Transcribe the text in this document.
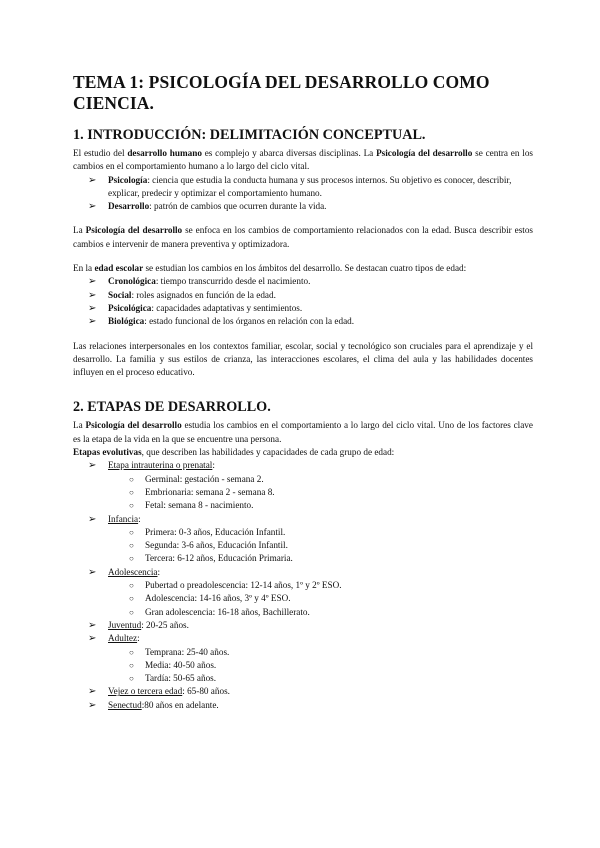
TEMA 1: PSICOLOGÍA DEL DESARROLLO COMO CIENCIA.
1. INTRODUCCIÓN: DELIMITACIÓN CONCEPTUAL.

El estudio del desarrollo humano es complejo y abarca diversas disciplinas. La Psicología del desarrollo se centra en los cambios en el comportamiento humano a lo largo del ciclo vital.

➢ Psicología: ciencia que estudia la conducta humana y sus procesos internos. Su objetivo es conocer, describir, explicar, predecir y optimizar el comportamiento humano.
➢ Desarrollo: patrón de cambios que ocurren durante la vida.

La Psicología del desarrollo se enfoca en los cambios de comportamiento relacionados con la edad. Busca describir estos cambios e intervenir de manera preventiva y optimizadora.

En la edad escolar se estudian los cambios en los ámbitos del desarrollo. Se destacan cuatro tipos de edad:

➢ Cronológica: tiempo transcurrido desde el nacimiento.
➢ Social: roles asignados en función de la edad.
➢ Psicológica: capacidades adaptativas y sentimientos.
➢ Biológica: estado funcional de los órganos en relación con la edad.

Las relaciones interpersonales en los contextos familiar, escolar, social y tecnológico son cruciales para el aprendizaje y el desarrollo. La familia y sus estilos de crianza, las interacciones escolares, el clima del aula y las habilidades docentes influyen en el proceso educativo.

2. ETAPAS DE DESARROLLO.

La Psicología del desarrollo estudia los cambios en el comportamiento a lo largo del ciclo vital. Uno de los factores clave es la etapa de la vida en la que se encuentre una persona.

Etapas evolutivas, que describen las habilidades y capacidades de cada grupo de edad:

➢ Etapa intrauterina o prenatal:
○ Germinal: gestación - semana 2.
○ Embrionaria: semana 2 - semana 8.
○ Fetal: semana 8 - nacimiento.
➢ Infancia:
○ Primera: 0-3 años, Educación Infantil.
○ Segunda: 3-6 años, Educación Infantil.
○ Tercera: 6-12 años, Educación Primaria.
➢ Adolescencia:
○ Pubertad o preadolescencia: 12-14 años, 1º y 2º ESO.
○ Adolescencia: 14-16 años, 3º y 4º ESO.
○ Gran adolescencia: 16-18 años, Bachillerato.
➢ Juventud: 20-25 años.
➢ Adultez:
○ Temprana: 25-40 años.
○ Media: 40-50 años.
○ Tardía: 50-65 años.
➢ Vejez o tercera edad: 65-80 años.
➢ Senectud:80 años en adelante.
